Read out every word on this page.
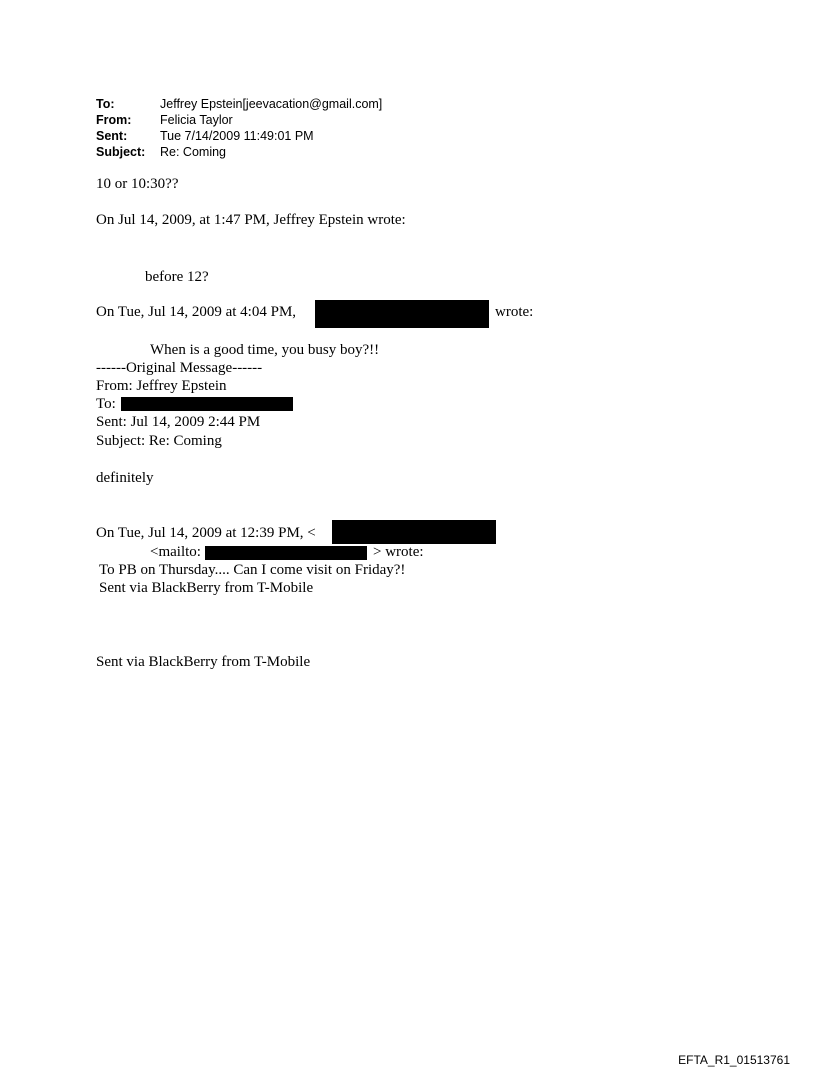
To:	Jeffrey Epstein[jeevacation@gmail.com]
From:	Felicia Taylor
Sent:	Tue 7/14/2009 11:49:01 PM
Subject:	Re: Coming
10 or 10:30??
On Jul 14, 2009, at 1:47 PM, Jeffrey Epstein wrote:
before 12?
On Tue, Jul 14, 2009 at 4:04 PM,	wrote:
When is a good time, you busy boy?!!
------Original Message------
From: Jeffrey Epstein
To:
Sent: Jul 14, 2009 2:44 PM
Subject: Re: Coming
definitely
On Tue, Jul 14, 2009 at 12:39 PM, <
<mailto:	> wrote:
To PB on Thursday.... Can I come visit on Friday?!
Sent via BlackBerry from T-Mobile
Sent via BlackBerry from T-Mobile
EFTA_R1_01513761
